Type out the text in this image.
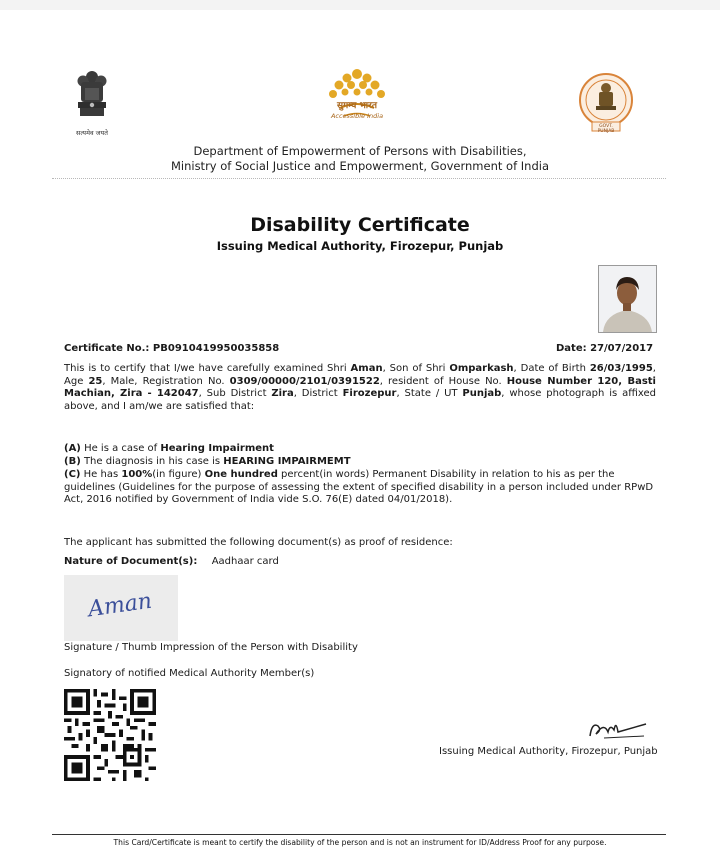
सत्यमेव जयते
सुगम्य भारत
Accessible India
GOVT. PUNJAB
Department of Empowerment of Persons with Disabilities,
Ministry of Social Justice and Empowerment, Government of India
Disability Certificate
Issuing Medical Authority, Firozepur, Punjab
Certificate No.: PB0910419950035858	Date: 27/07/2017
This is to certify that I/we have carefully examined Shri Aman, Son of Shri Omparkash, Date of Birth 26/03/1995, Age 25, Male, Registration No. 0309/00000/2101/0391522, resident of House No. House Number 120, Basti Machian, Zira - 142047, Sub District Zira, District Firozepur, State / UT Punjab, whose photograph is affixed above, and I am/we are satisfied that:
(A) He is a case of Hearing Impairment
(B) The diagnosis in his case is HEARING IMPAIRMEMT
(C) He has 100%(in figure) One hundred percent(in words) Permanent Disability in relation to his as per the guidelines (Guidelines for the purpose of assessing the extent of specified disability in a person included under RPwD Act, 2016 notified by Government of India vide S.O. 76(E) dated 04/01/2018).
The applicant has submitted the following document(s) as proof of residence:
Nature of Document(s): Aadhaar card
Aman
Signature / Thumb Impression of the Person with Disability
Signatory of notified Medical Authority Member(s)
Issuing Medical Authority, Firozepur, Punjab
This Card/Certificate is meant to certify the disability of the person and is not an instrument for ID/Address Proof for any purpose.
